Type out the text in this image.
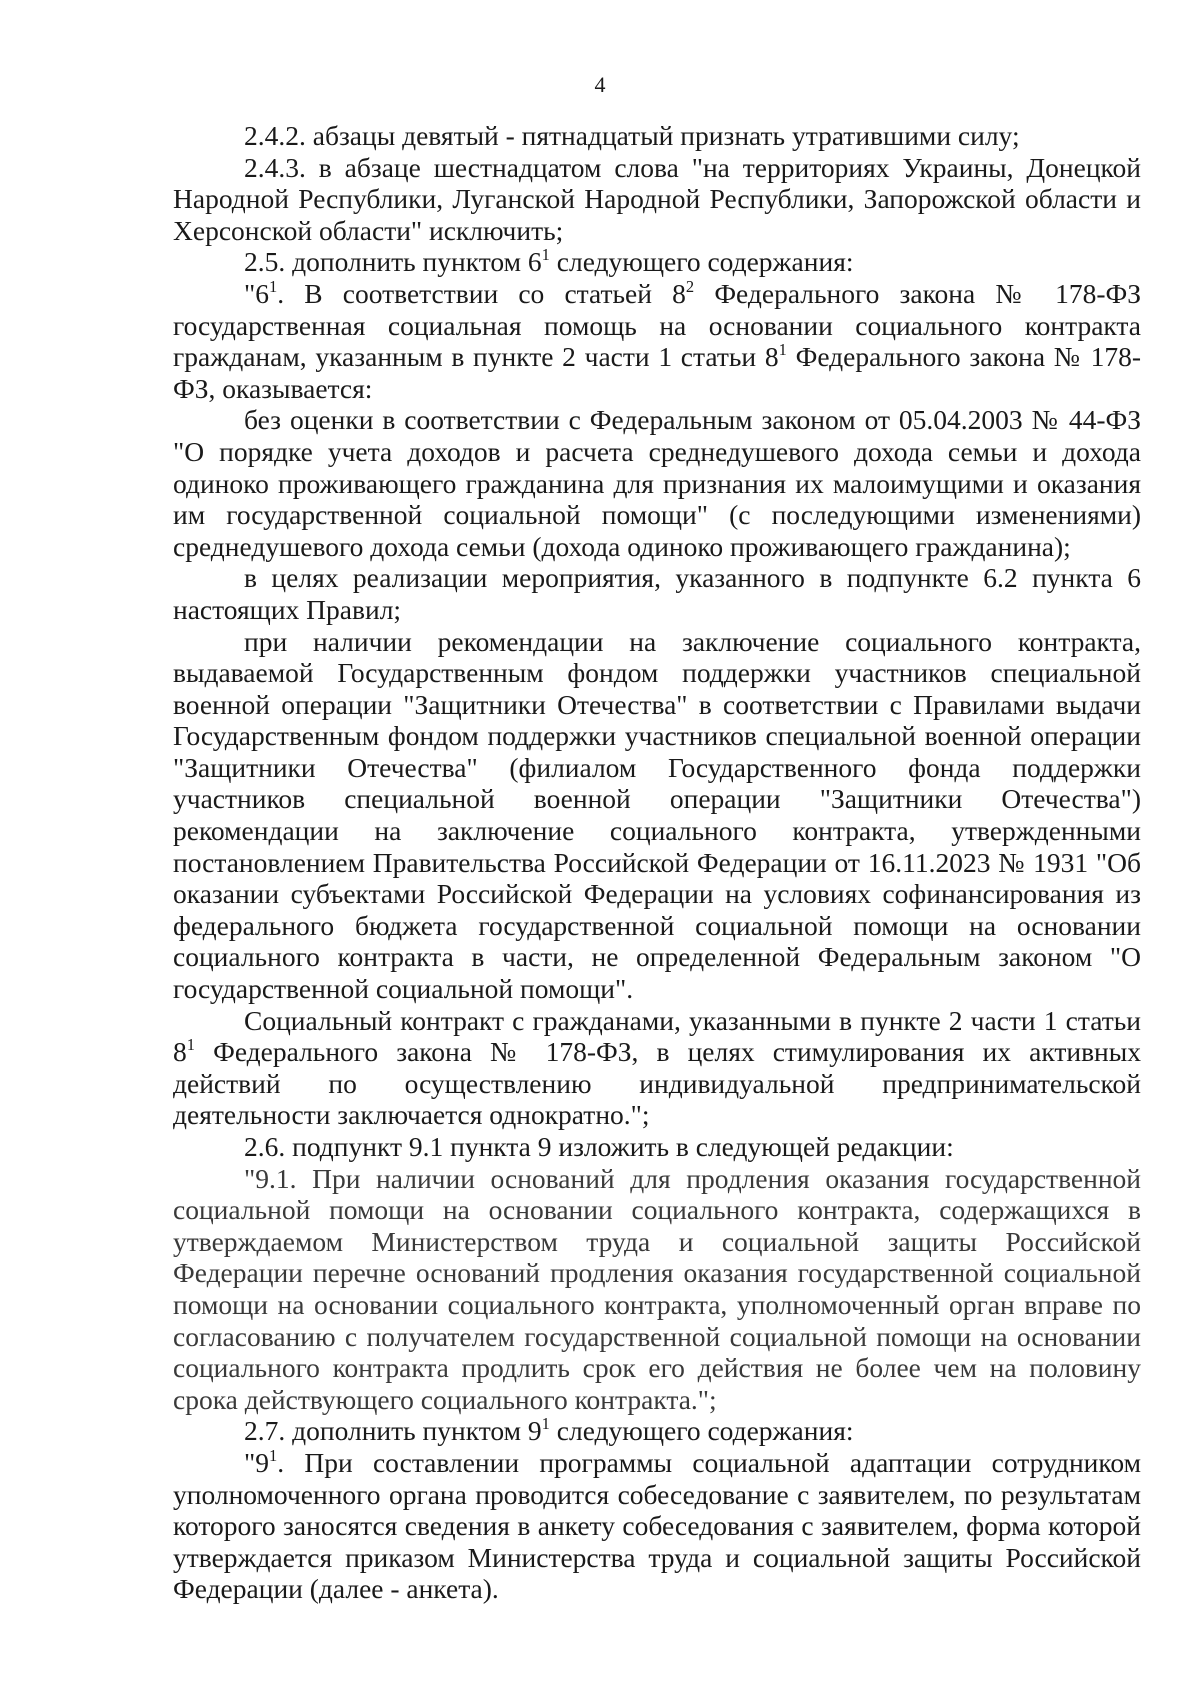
4

2.4.2. абзацы девятый - пятнадцатый признать утратившими силу;

2.4.3. в абзаце шестнадцатом слова "на территориях Украины, Донецкой Народной Республики, Луганской Народной Республики, Запорожской области и Херсонской области" исключить;

2.5. дополнить пунктом $6^1$ следующего содержания:

"$6^1$. В соответствии со статьей $8^2$ Федерального закона № 178-ФЗ государственная социальная помощь на основании социального контракта гражданам, указанным в пункте 2 части 1 статьи $8^1$ Федерального закона № 178-ФЗ, оказывается:

без оценки в соответствии с Федеральным законом от 05.04.2003 № 44-ФЗ "О порядке учета доходов и расчета среднедушевого дохода семьи и дохода одиноко проживающего гражданина для признания их малоимущими и оказания им государственной социальной помощи" (с последующими изменениями) среднедушевого дохода семьи (дохода одиноко проживающего гражданина);

в целях реализации мероприятия, указанного в подпункте 6.2 пункта 6 настоящих Правил;

при наличии рекомендации на заключение социального контракта, выдаваемой Государственным фондом поддержки участников специальной военной операции "Защитники Отечества" в соответствии с Правилами выдачи Государственным фондом поддержки участников специальной военной операции "Защитники Отечества" (филиалом Государственного фонда поддержки участников специальной военной операции "Защитники Отечества") рекомендации на заключение социального контракта, утвержденными постановлением Правительства Российской Федерации от 16.11.2023 № 1931 "Об оказании субъектами Российской Федерации на условиях софинансирования из федерального бюджета государственной социальной помощи на основании социального контракта в части, не определенной Федеральным законом "О государственной социальной помощи".

Социальный контракт с гражданами, указанными в пункте 2 части 1 статьи $8^1$ Федерального закона № 178-ФЗ, в целях стимулирования их активных действий по осуществлению индивидуальной предпринимательской деятельности заключается однократно.";

2.6. подпункт 9.1 пункта 9 изложить в следующей редакции:

"9.1. При наличии оснований для продления оказания государственной социальной помощи на основании социального контракта, содержащихся в утверждаемом Министерством труда и социальной защиты Российской Федерации перечне оснований продления оказания государственной социальной помощи на основании социального контракта, уполномоченный орган вправе по согласованию с получателем государственной социальной помощи на основании социального контракта продлить срок его действия не более чем на половину срока действующего социального контракта.";

2.7. дополнить пунктом $9^1$ следующего содержания:

"$9^1$. При составлении программы социальной адаптации сотрудником уполномоченного органа проводится собеседование с заявителем, по результатам которого заносятся сведения в анкету собеседования с заявителем, форма которой утверждается приказом Министерства труда и социальной защиты Российской Федерации (далее - анкета).
